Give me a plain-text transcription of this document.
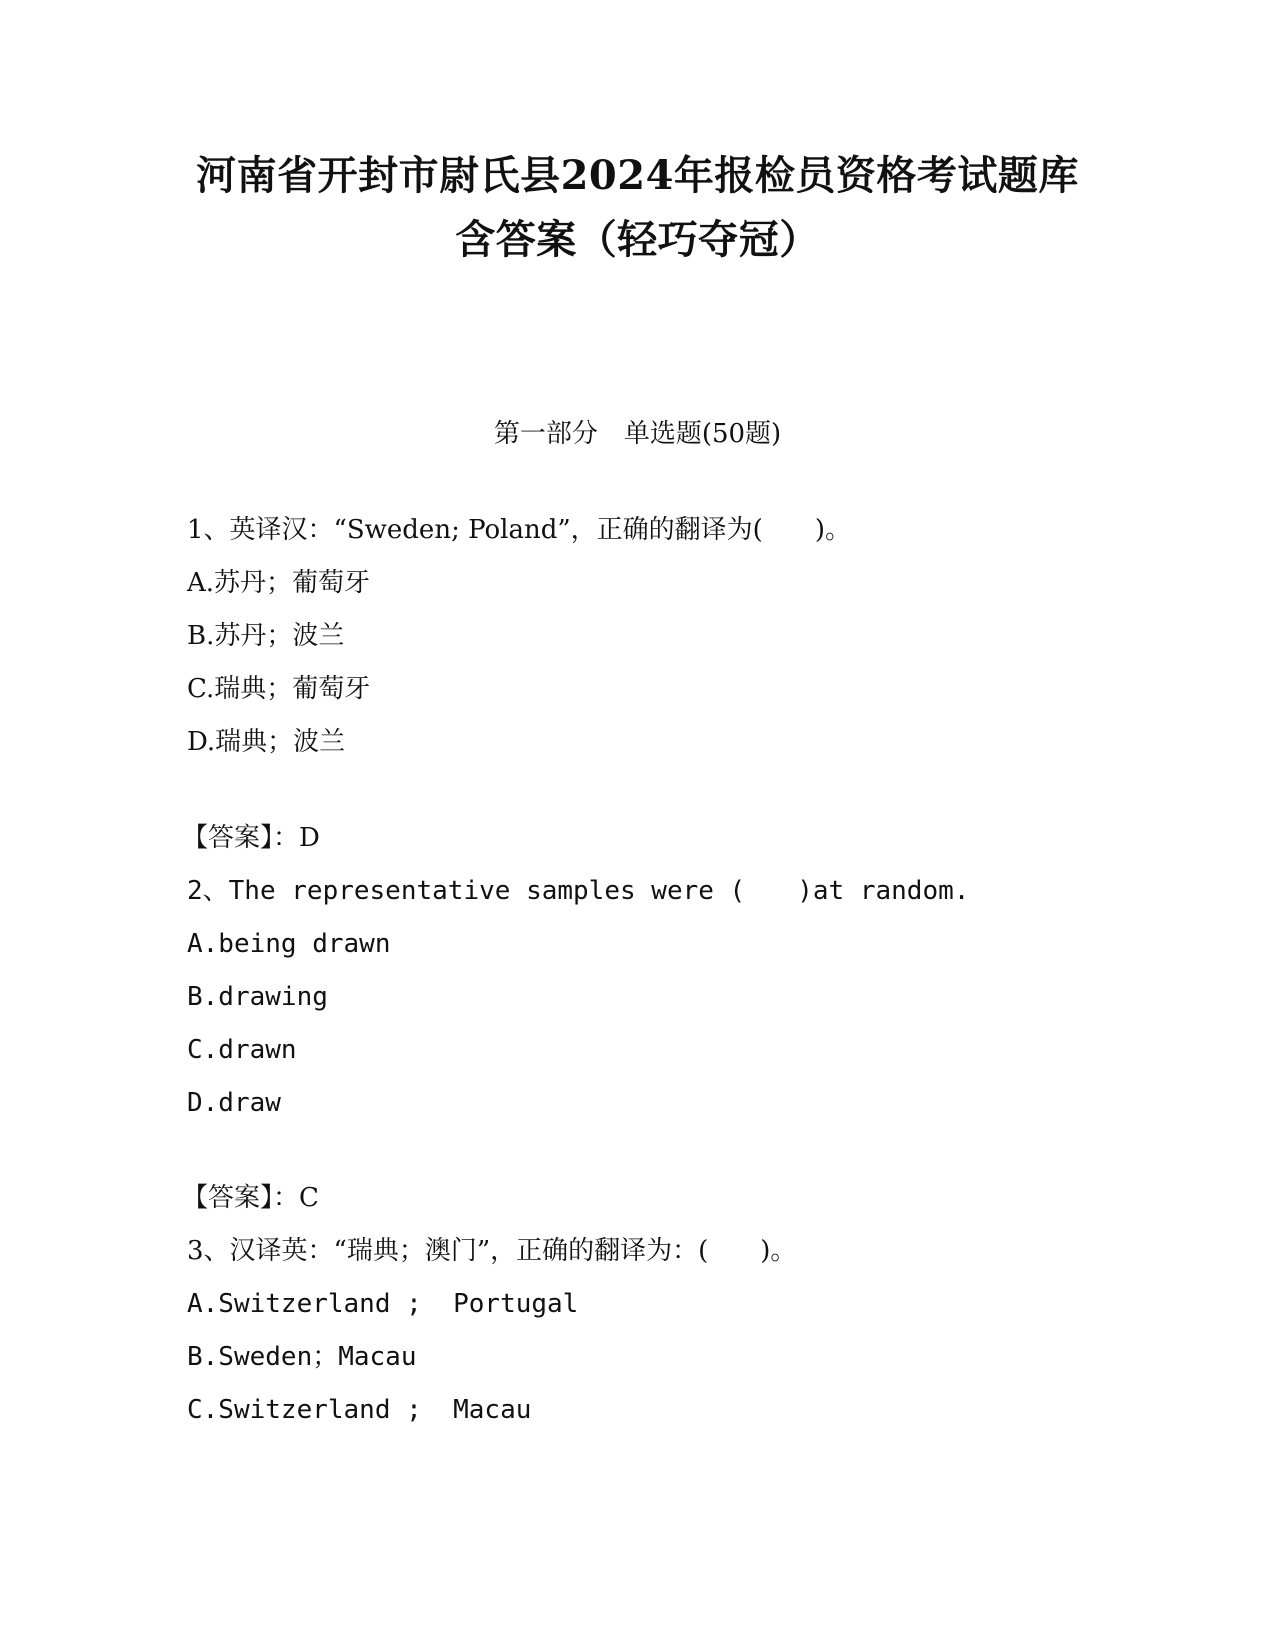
河南省开封市尉氏县2024年报检员资格考试题库
含答案（轻巧夺冠）
第一部分　单选题(50题)
1、英译汉：“Sweden; Poland”，正确的翻译为(　　)。
A.苏丹；葡萄牙
B.苏丹；波兰
C.瑞典；葡萄牙
D.瑞典；波兰
【答案】：D
2、The representative samples were (　　)at random.
A.being drawn
B.drawing
C.drawn
D.draw
【答案】：C
3、汉译英：“瑞典；澳门”，正确的翻译为：(　　)。
A.Switzerland ;  Portugal
B.Sweden；Macau
C.Switzerland ;  Macau
